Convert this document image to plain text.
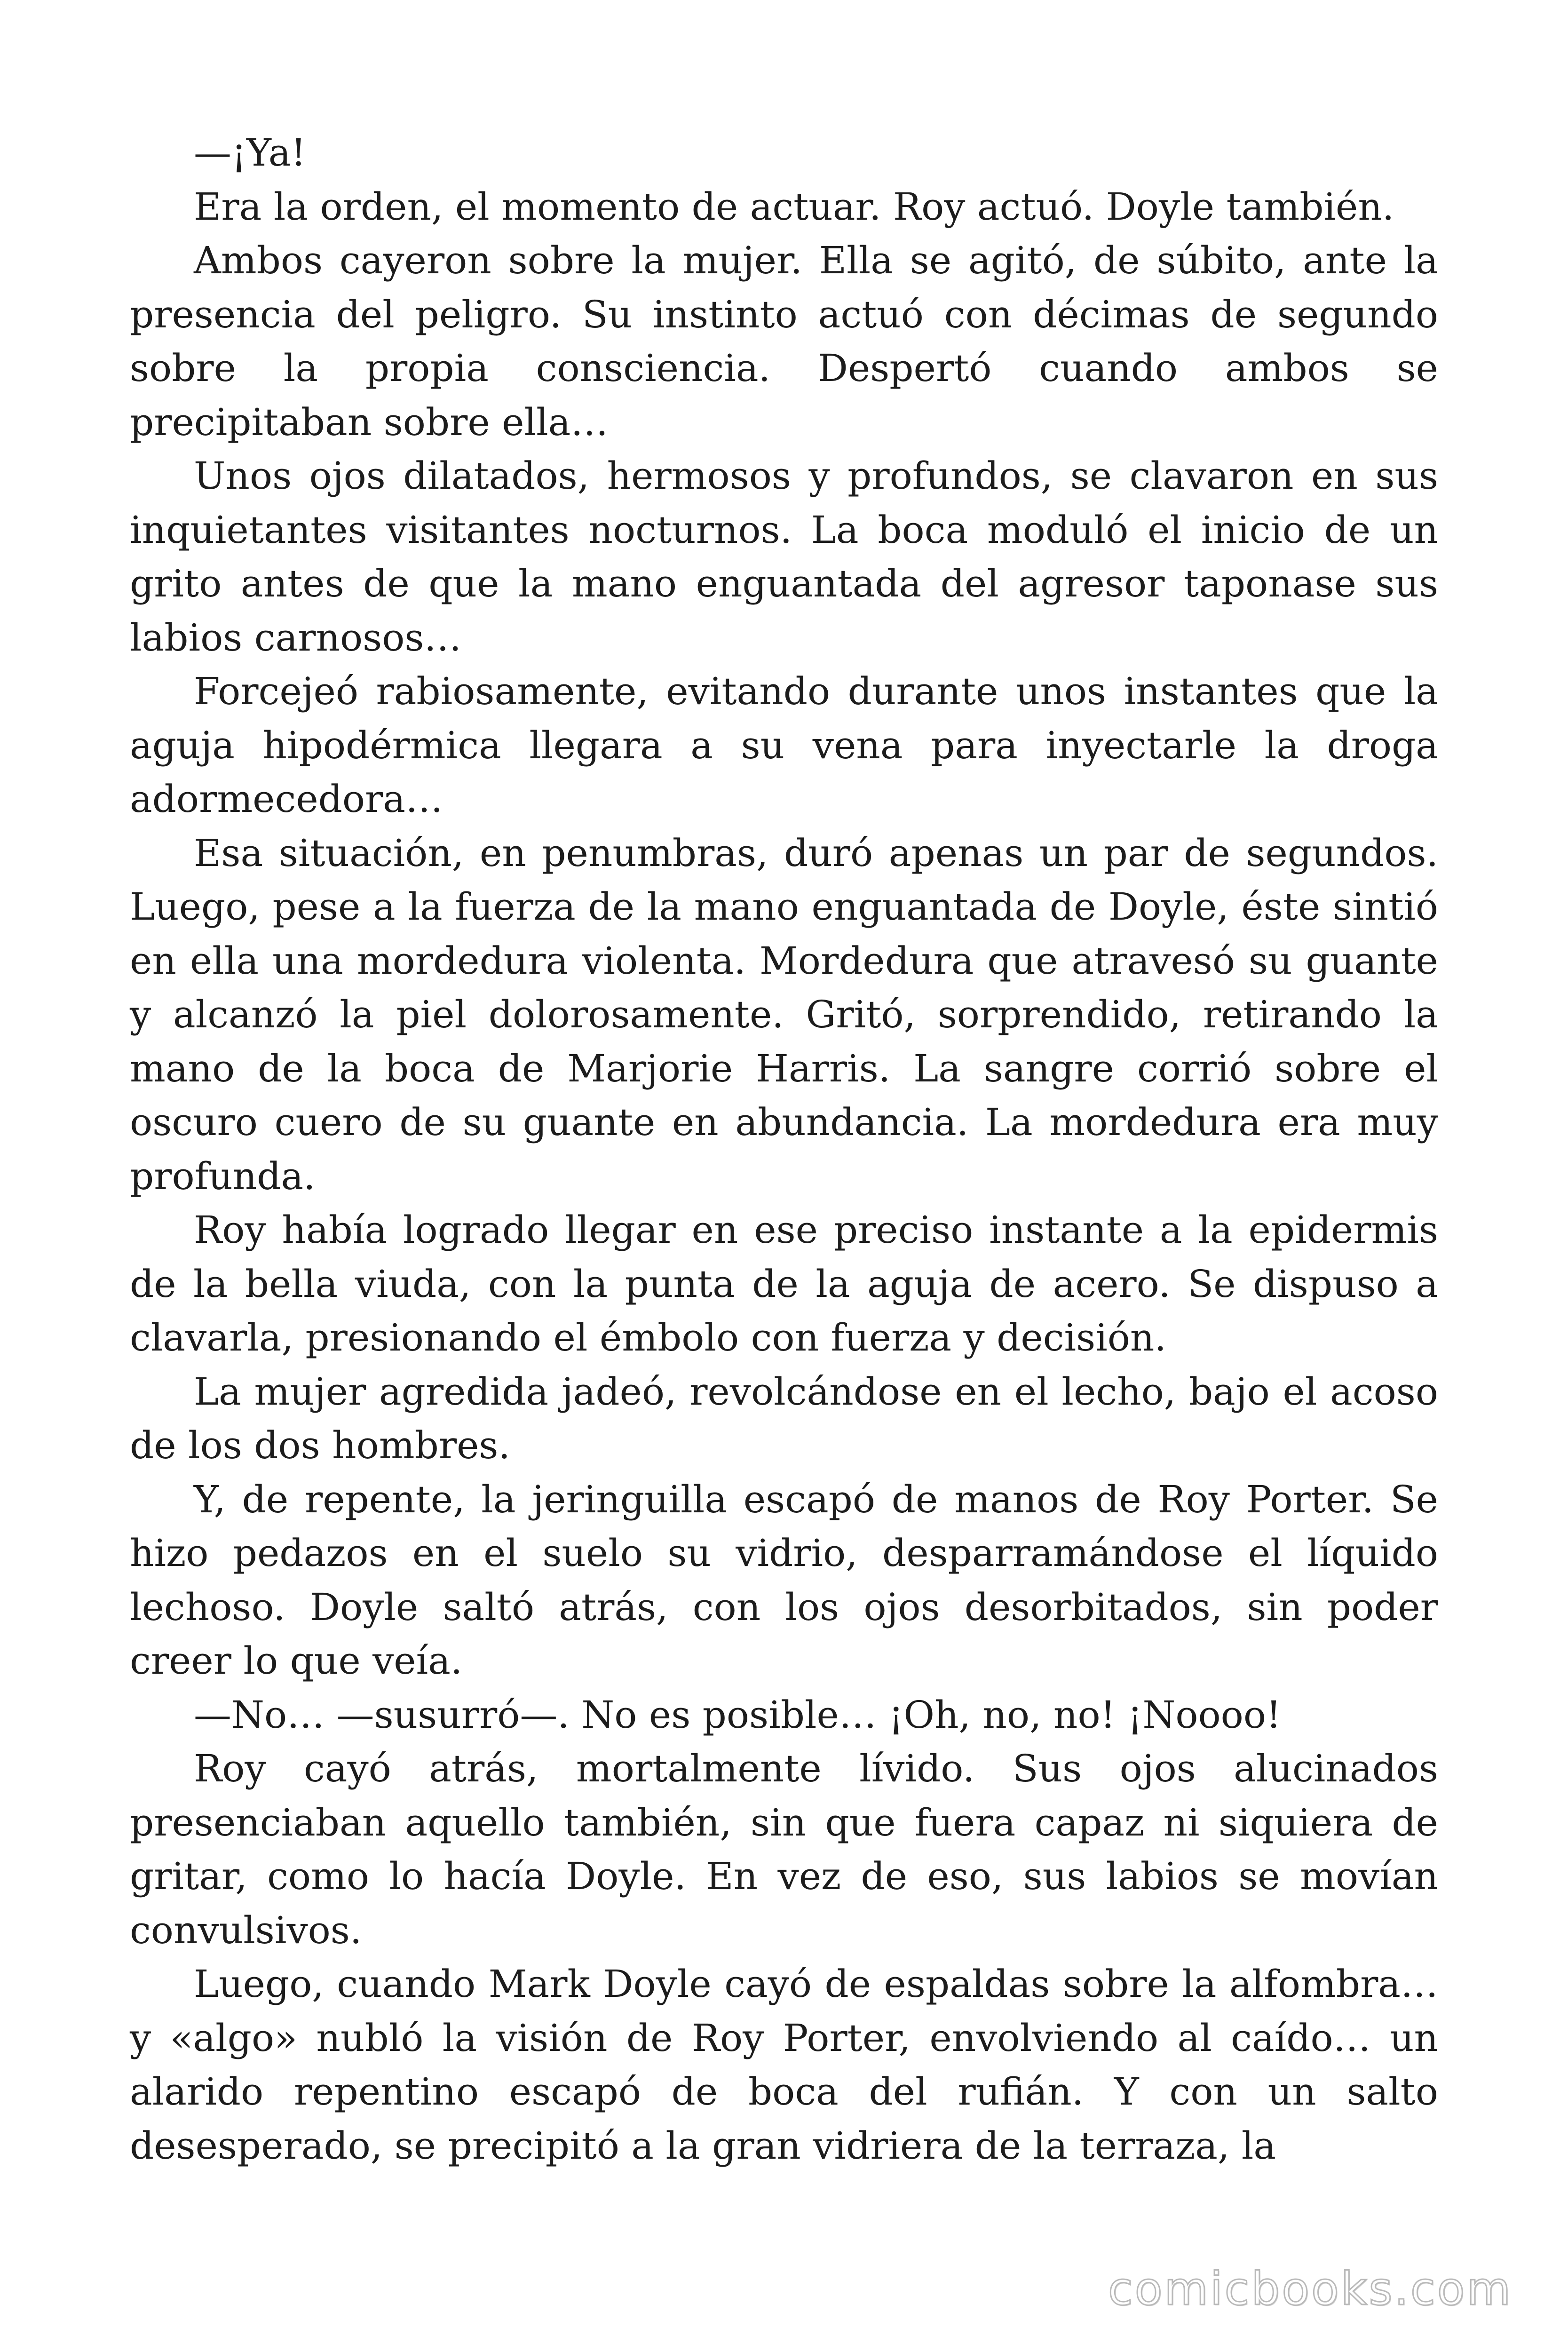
—¡Ya!

Era la orden, el momento de actuar. Roy actuó. Doyle también.

Ambos cayeron sobre la mujer. Ella se agitó, de súbito, ante la presencia del peligro. Su instinto actuó con décimas de segundo sobre la propia consciencia. Despertó cuando ambos se precipitaban sobre ella…

Unos ojos dilatados, hermosos y profundos, se clavaron en sus inquietantes visitantes nocturnos. La boca moduló el inicio de un grito antes de que la mano enguantada del agresor taponase sus labios carnosos…

Forcejeó rabiosamente, evitando durante unos instantes que la aguja hipodérmica llegara a su vena para inyectarle la droga adormecedora…

Esa situación, en penumbras, duró apenas un par de segundos. Luego, pese a la fuerza de la mano enguantada de Doyle, éste sintió en ella una mordedura violenta. Mordedura que atravesó su guante y alcanzó la piel dolorosamente. Gritó, sorprendido, retirando la mano de la boca de Marjorie Harris. La sangre corrió sobre el oscuro cuero de su guante en abundancia. La mordedura era muy profunda.

Roy había logrado llegar en ese preciso instante a la epidermis de la bella viuda, con la punta de la aguja de acero. Se dispuso a clavarla, presionando el émbolo con fuerza y decisión.

La mujer agredida jadeó, revolcándose en el lecho, bajo el acoso de los dos hombres.

Y, de repente, la jeringuilla escapó de manos de Roy Porter. Se hizo pedazos en el suelo su vidrio, desparramándose el líquido lechoso. Doyle saltó atrás, con los ojos desorbitados, sin poder creer lo que veía.

—No… —susurró—. No es posible… ¡Oh, no, no! ¡Noooo!

Roy cayó atrás, mortalmente lívido. Sus ojos alucinados presenciaban aquello también, sin que fuera capaz ni siquiera de gritar, como lo hacía Doyle. En vez de eso, sus labios se movían convulsivos.

Luego, cuando Mark Doyle cayó de espaldas sobre la alfombra… y «algo» nubló la visión de Roy Porter, envolviendo al caído… un alarido repentino escapó de boca del rufián. Y con un salto desesperado, se precipitó a la gran vidriera de la terraza, la

comicbooks.com
